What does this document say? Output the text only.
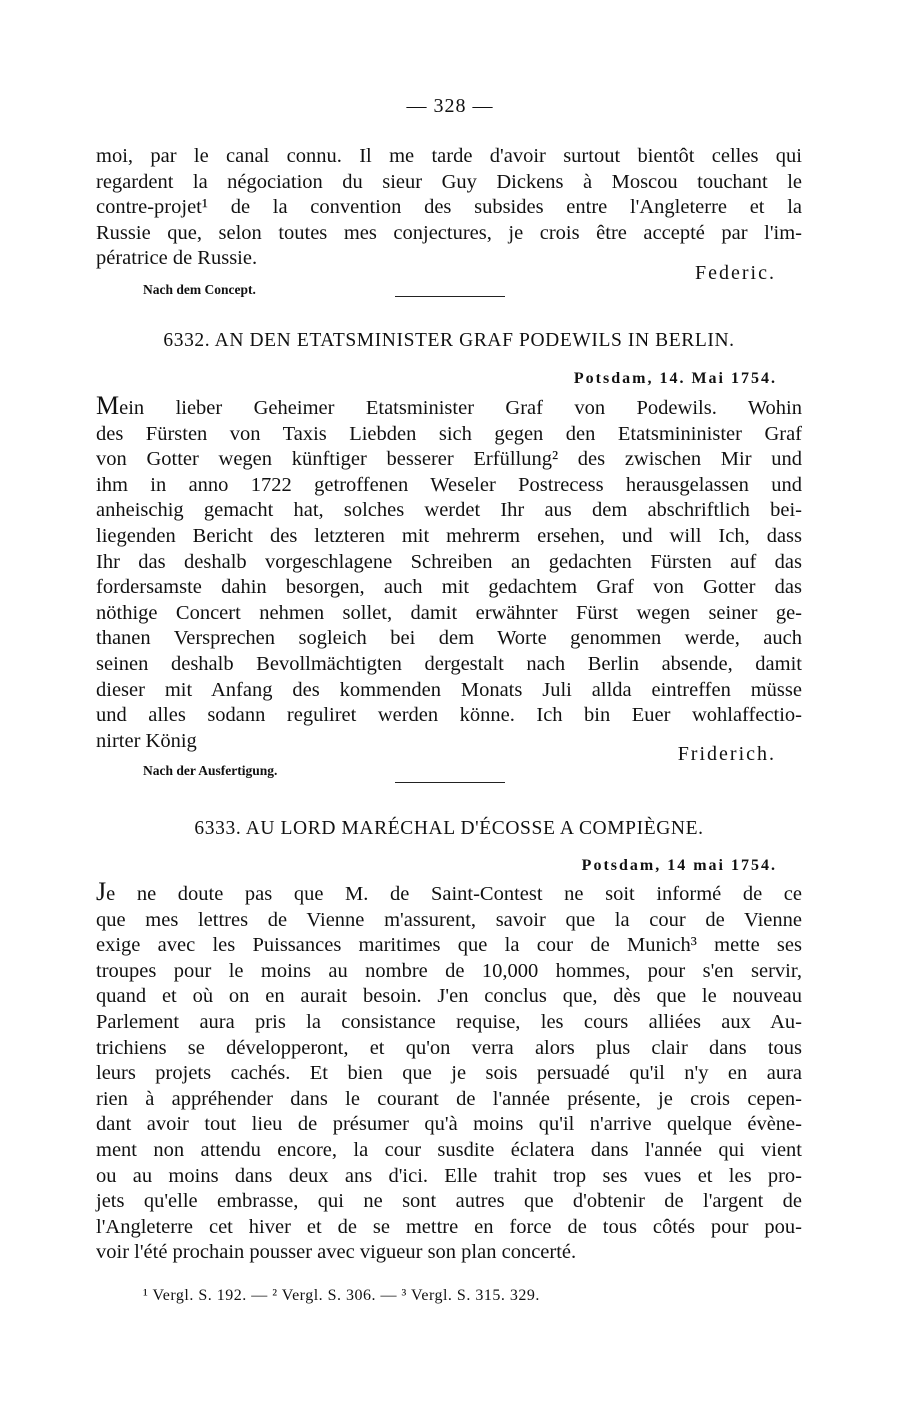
— 328 —
moi, par le canal connu. Il me tarde d'avoir surtout bientôt celles qui
regardent la négociation du sieur Guy Dickens à Moscou touchant le
contre-projet¹ de la convention des subsides entre l'Angleterre et la
Russie que, selon toutes mes conjectures, je crois être accepté par l'im-
pératrice de Russie.
Federic.
Nach dem Concept.
6332. AN DEN ETATSMINISTER GRAF PODEWILS IN BERLIN.
Potsdam, 14. Mai 1754.
Mein lieber Geheimer Etatsminister Graf von Podewils. Wohin
des Fürsten von Taxis Liebden sich gegen den Etatsmininister Graf
von Gotter wegen künftiger besserer Erfüllung² des zwischen Mir und
ihm in anno 1722 getroffenen Weseler Postrecess herausgelassen und
anheischig gemacht hat, solches werdet Ihr aus dem abschriftlich bei-
liegenden Bericht des letzteren mit mehrerm ersehen, und will Ich, dass
Ihr das deshalb vorgeschlagene Schreiben an gedachten Fürsten auf das
fordersamste dahin besorgen, auch mit gedachtem Graf von Gotter das
nöthige Concert nehmen sollet, damit erwähnter Fürst wegen seiner ge-
thanen Versprechen sogleich bei dem Worte genommen werde, auch
seinen deshalb Bevollmächtigten dergestalt nach Berlin absende, damit
dieser mit Anfang des kommenden Monats Juli allda eintreffen müsse
und alles sodann reguliret werden könne. Ich bin Euer wohlaffectio-
nirter König
Friderich.
Nach der Ausfertigung.
6333. AU LORD MARÉCHAL D'ÉCOSSE A COMPIÈGNE.
Potsdam, 14 mai 1754.
Je ne doute pas que M. de Saint-Contest ne soit informé de ce
que mes lettres de Vienne m'assurent, savoir que la cour de Vienne
exige avec les Puissances maritimes que la cour de Munich³ mette ses
troupes pour le moins au nombre de 10,000 hommes, pour s'en servir,
quand et où on en aurait besoin. J'en conclus que, dès que le nouveau
Parlement aura pris la consistance requise, les cours alliées aux Au-
trichiens se développeront, et qu'on verra alors plus clair dans tous
leurs projets cachés. Et bien que je sois persuadé qu'il n'y en aura
rien à appréhender dans le courant de l'année présente, je crois cepen-
dant avoir tout lieu de présumer qu'à moins qu'il n'arrive quelque évène-
ment non attendu encore, la cour susdite éclatera dans l'année qui vient
ou au moins dans deux ans d'ici. Elle trahit trop ses vues et les pro-
jets qu'elle embrasse, qui ne sont autres que d'obtenir de l'argent de
l'Angleterre cet hiver et de se mettre en force de tous côtés pour pou-
voir l'été prochain pousser avec vigueur son plan concerté.
¹ Vergl. S. 192. — ² Vergl. S. 306. — ³ Vergl. S. 315. 329.
